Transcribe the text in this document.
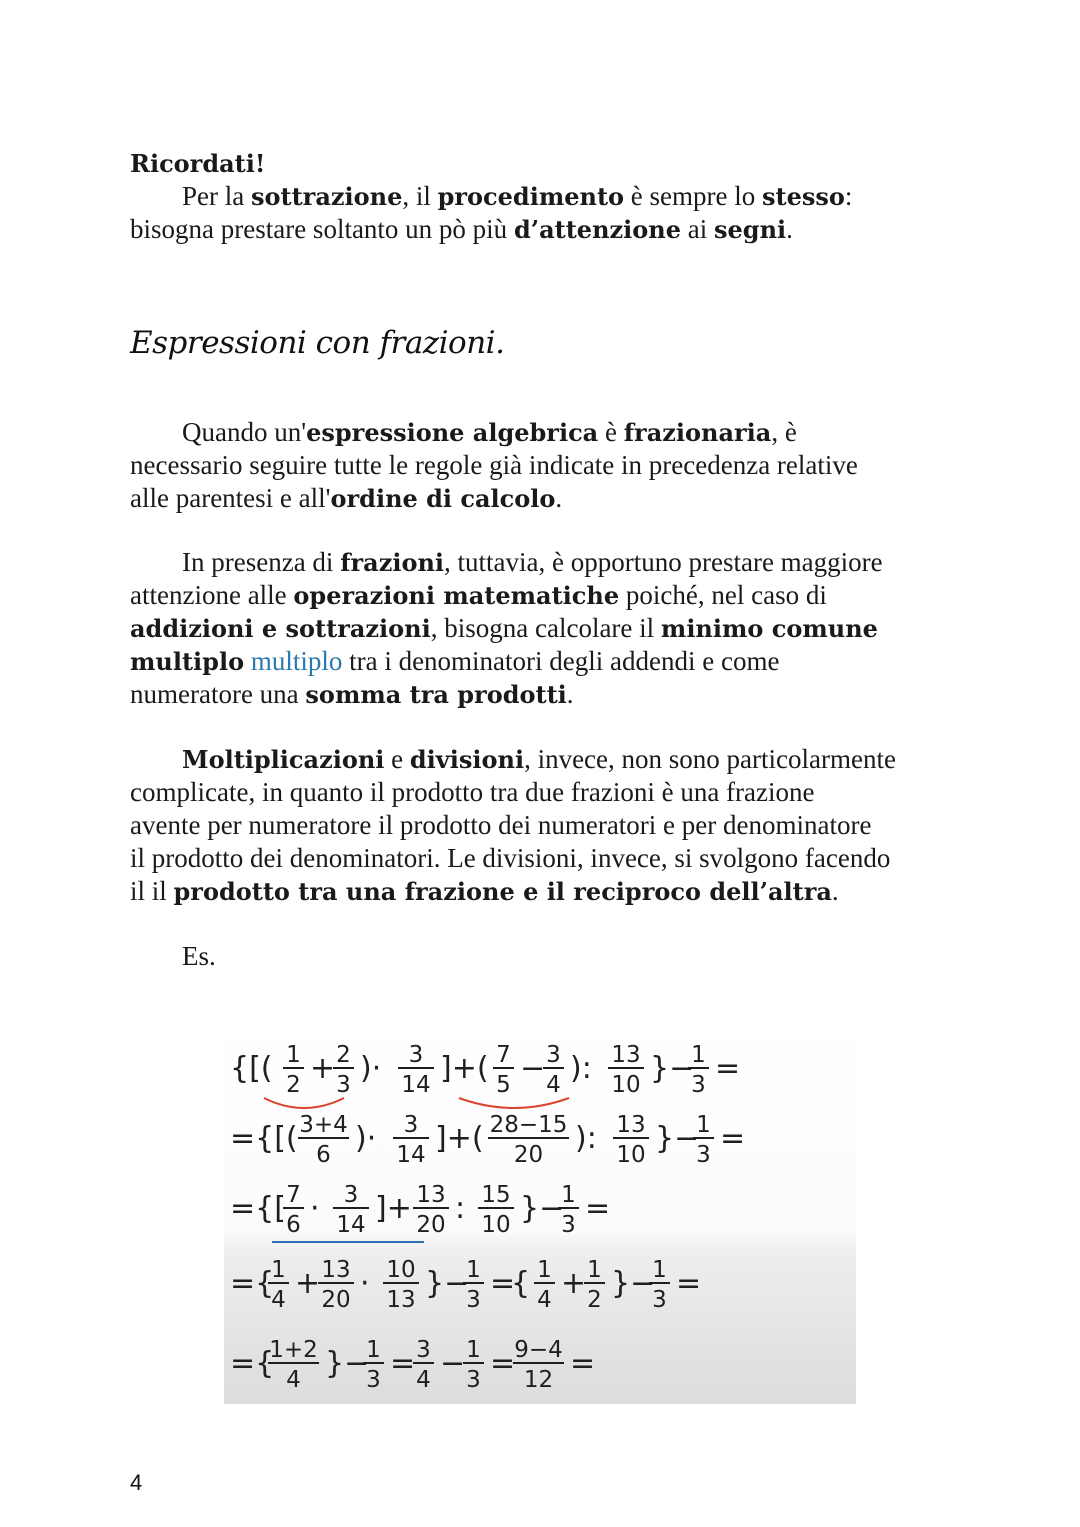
Ricordati!

Per la sottrazione, il procedimento è sempre lo stesso:

bisogna prestare soltanto un pò più d’attenzione ai segni.

Quando un'espressione algebrica è frazionaria, è

necessario seguire tutte le regole già indicate in precedenza relative

alle parentesi e all'ordine di calcolo.

In presenza di frazioni, tuttavia, è opportuno prestare maggiore

attenzione alle operazioni matematiche poiché, nel caso di

addizioni e sottrazioni, bisogna calcolare il minimo comune

multiplo multiplo tra i denominatori degli addendi e come

numeratore una somma tra prodotti.

Moltiplicazioni e divisioni, invece, non sono particolarmente

complicate, in quanto il prodotto tra due frazioni è una frazione

avente per numeratore il prodotto dei numeratori e per denominatore

il prodotto dei denominatori. Le divisioni, invece, si svolgono facendo

il il prodotto tra una frazione e il reciproco dell’altra.

Es.

Espressioni con frazioni.
{[( 1
2 + 2
3 )· 3
14 ]+( 7
5 − 3
4 ): 13
10 }−
1
3 =
={[( 3+4
6 )· 3
14 ]+( 28−15
20 ): 13
10 }−
1
3 =
={[ 7
6 · 3
14 ]+ 13
20 : 15
10 }−
1
3 =
={
1
4 + 13
20 · 10
13 }−
1
3 =
{ 1
4 + 1
2 }−
1
3 =
={
1+2
4 }−
1
3 = 3
4 − 1
3 = 9−4
12 =
4
